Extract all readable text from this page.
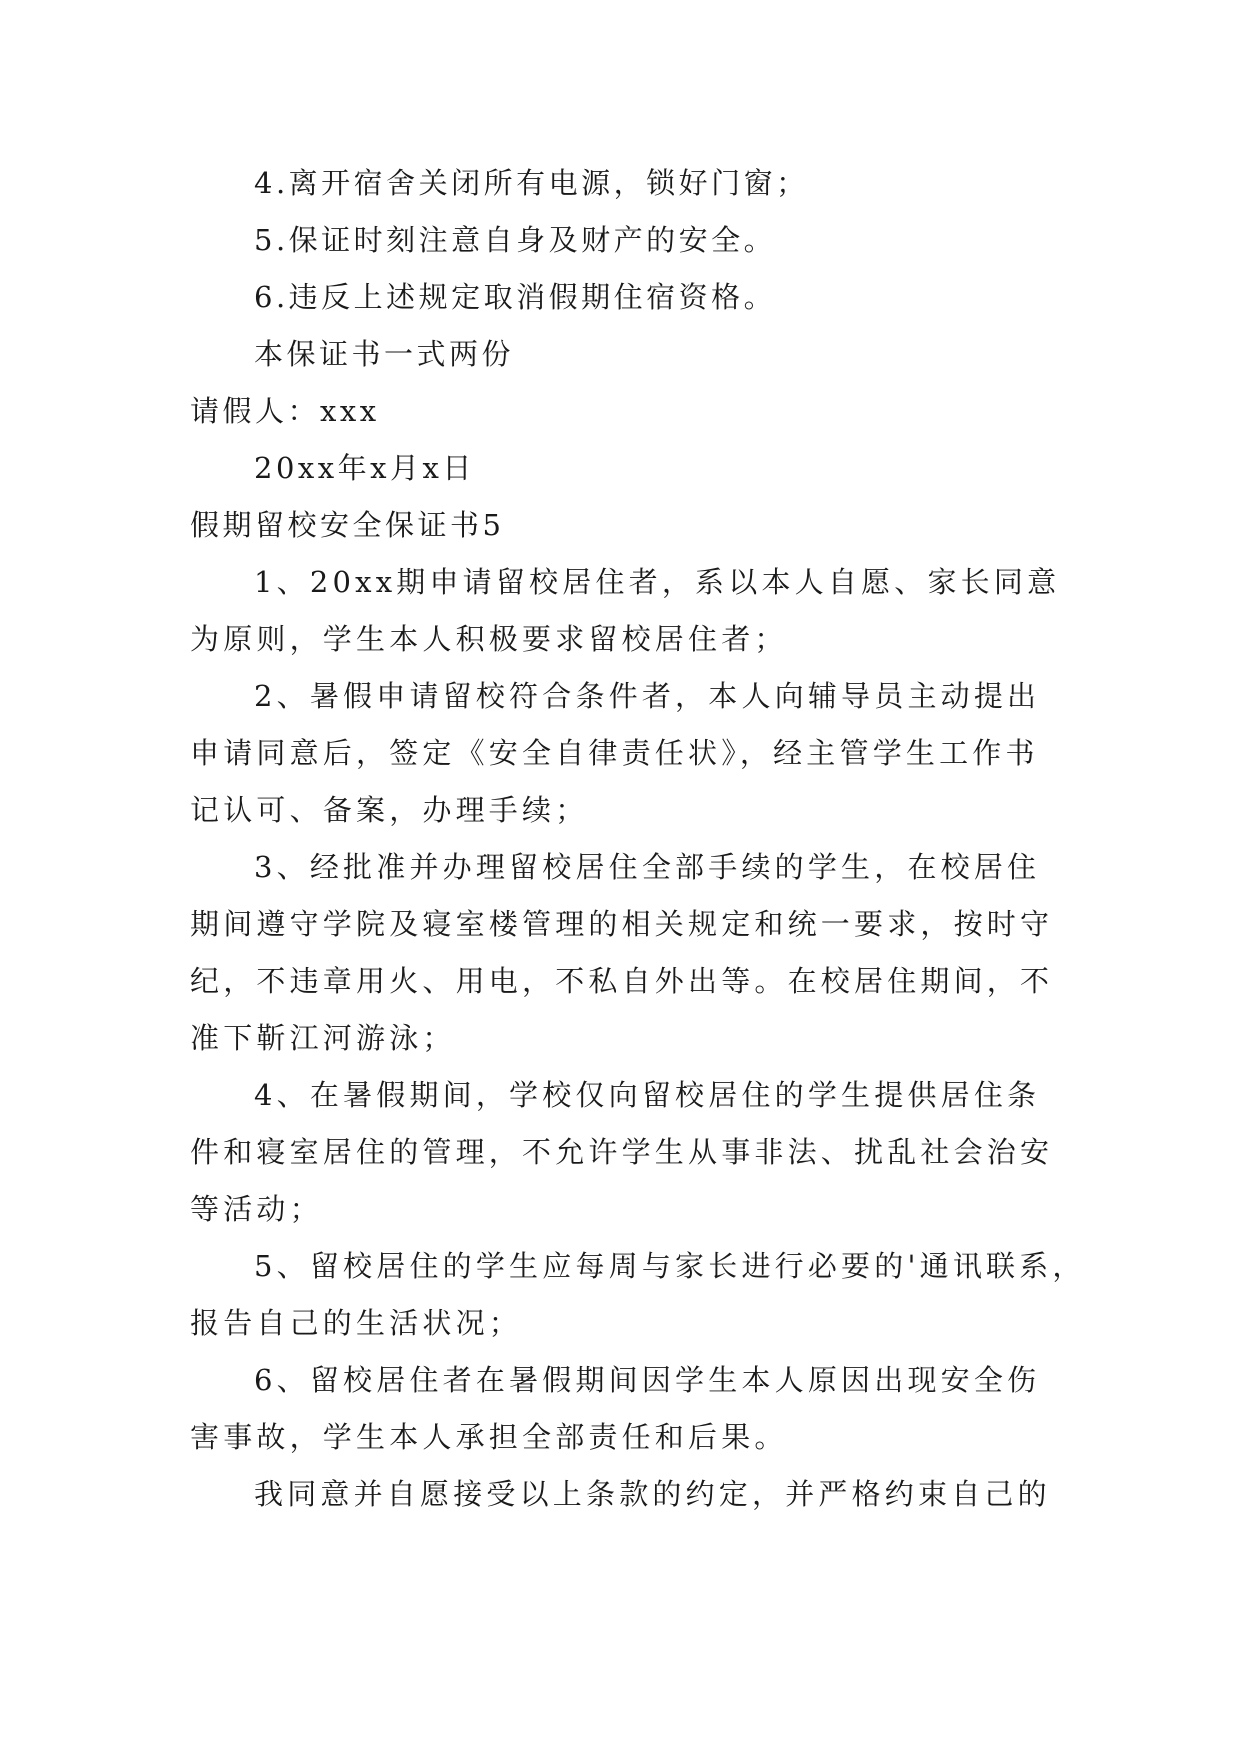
4.离开宿舍关闭所有电源，锁好门窗；

5.保证时刻注意自身及财产的安全。

6.违反上述规定取消假期住宿资格。

本保证书一式两份

请假人：xxx

20xx年x月x日

假期留校安全保证书5

1、20xx期申请留校居住者，系以本人自愿、家长同意

为原则，学生本人积极要求留校居住者；

2、暑假申请留校符合条件者，本人向辅导员主动提出

申请同意后，签定《安全自律责任状》，经主管学生工作书

记认可、备案，办理手续；

3、经批准并办理留校居住全部手续的学生，在校居住

期间遵守学院及寝室楼管理的相关规定和统一要求，按时守

纪，不违章用火、用电，不私自外出等。在校居住期间，不

准下靳江河游泳；

4、在暑假期间，学校仅向留校居住的学生提供居住条

件和寝室居住的管理，不允许学生从事非法、扰乱社会治安

等活动；

5、留校居住的学生应每周与家长进行必要的'通讯联系，

报告自己的生活状况；

6、留校居住者在暑假期间因学生本人原因出现安全伤

害事故，学生本人承担全部责任和后果。

我同意并自愿接受以上条款的约定，并严格约束自己的
